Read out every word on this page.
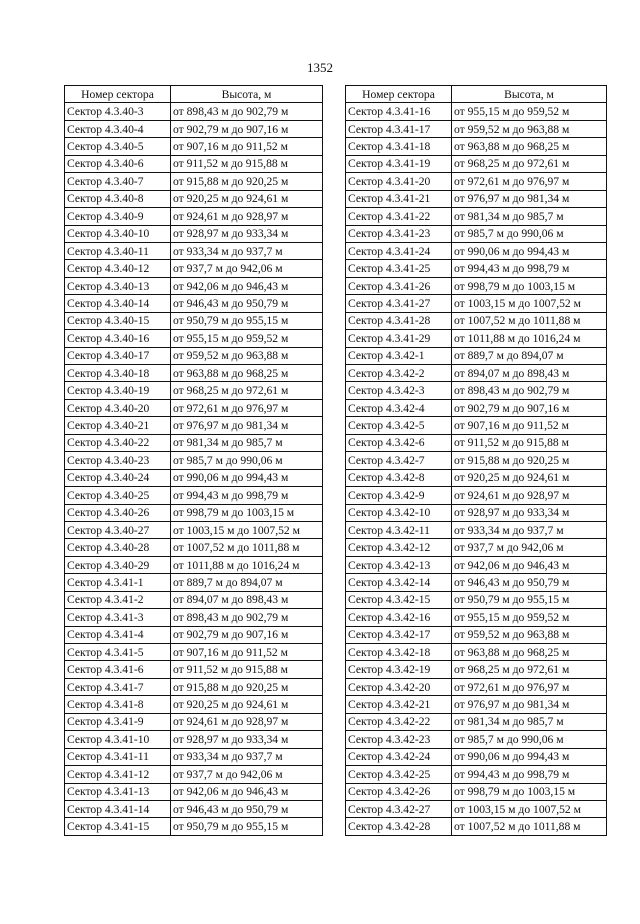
1352
Номер сектора	Высота, м
Сектор 4.3.40-3	от 898,43 м до 902,79 м
Сектор 4.3.40-4	от 902,79 м до 907,16 м
Сектор 4.3.40-5	от 907,16 м до 911,52 м
Сектор 4.3.40-6	от 911,52 м до 915,88 м
Сектор 4.3.40-7	от 915,88 м до 920,25 м
Сектор 4.3.40-8	от 920,25 м до 924,61 м
Сектор 4.3.40-9	от 924,61 м до 928,97 м
Сектор 4.3.40-10	от 928,97 м до 933,34 м
Сектор 4.3.40-11	от 933,34 м до 937,7 м
Сектор 4.3.40-12	от 937,7 м до 942,06 м
Сектор 4.3.40-13	от 942,06 м до 946,43 м
Сектор 4.3.40-14	от 946,43 м до 950,79 м
Сектор 4.3.40-15	от 950,79 м до 955,15 м
Сектор 4.3.40-16	от 955,15 м до 959,52 м
Сектор 4.3.40-17	от 959,52 м до 963,88 м
Сектор 4.3.40-18	от 963,88 м до 968,25 м
Сектор 4.3.40-19	от 968,25 м до 972,61 м
Сектор 4.3.40-20	от 972,61 м до 976,97 м
Сектор 4.3.40-21	от 976,97 м до 981,34 м
Сектор 4.3.40-22	от 981,34 м до 985,7 м
Сектор 4.3.40-23	от 985,7 м до 990,06 м
Сектор 4.3.40-24	от 990,06 м до 994,43 м
Сектор 4.3.40-25	от 994,43 м до 998,79 м
Сектор 4.3.40-26	от 998,79 м до 1003,15 м
Сектор 4.3.40-27	от 1003,15 м до 1007,52 м
Сектор 4.3.40-28	от 1007,52 м до 1011,88 м
Сектор 4.3.40-29	от 1011,88 м до 1016,24 м
Сектор 4.3.41-1	от 889,7 м до 894,07 м
Сектор 4.3.41-2	от 894,07 м до 898,43 м
Сектор 4.3.41-3	от 898,43 м до 902,79 м
Сектор 4.3.41-4	от 902,79 м до 907,16 м
Сектор 4.3.41-5	от 907,16 м до 911,52 м
Сектор 4.3.41-6	от 911,52 м до 915,88 м
Сектор 4.3.41-7	от 915,88 м до 920,25 м
Сектор 4.3.41-8	от 920,25 м до 924,61 м
Сектор 4.3.41-9	от 924,61 м до 928,97 м
Сектор 4.3.41-10	от 928,97 м до 933,34 м
Сектор 4.3.41-11	от 933,34 м до 937,7 м
Сектор 4.3.41-12	от 937,7 м до 942,06 м
Сектор 4.3.41-13	от 942,06 м до 946,43 м
Сектор 4.3.41-14	от 946,43 м до 950,79 м
Сектор 4.3.41-15	от 950,79 м до 955,15 м
Номер сектора	Высота, м
Сектор 4.3.41-16	от 955,15 м до 959,52 м
Сектор 4.3.41-17	от 959,52 м до 963,88 м
Сектор 4.3.41-18	от 963,88 м до 968,25 м
Сектор 4.3.41-19	от 968,25 м до 972,61 м
Сектор 4.3.41-20	от 972,61 м до 976,97 м
Сектор 4.3.41-21	от 976,97 м до 981,34 м
Сектор 4.3.41-22	от 981,34 м до 985,7 м
Сектор 4.3.41-23	от 985,7 м до 990,06 м
Сектор 4.3.41-24	от 990,06 м до 994,43 м
Сектор 4.3.41-25	от 994,43 м до 998,79 м
Сектор 4.3.41-26	от 998,79 м до 1003,15 м
Сектор 4.3.41-27	от 1003,15 м до 1007,52 м
Сектор 4.3.41-28	от 1007,52 м до 1011,88 м
Сектор 4.3.41-29	от 1011,88 м до 1016,24 м
Сектор 4.3.42-1	от 889,7 м до 894,07 м
Сектор 4.3.42-2	от 894,07 м до 898,43 м
Сектор 4.3.42-3	от 898,43 м до 902,79 м
Сектор 4.3.42-4	от 902,79 м до 907,16 м
Сектор 4.3.42-5	от 907,16 м до 911,52 м
Сектор 4.3.42-6	от 911,52 м до 915,88 м
Сектор 4.3.42-7	от 915,88 м до 920,25 м
Сектор 4.3.42-8	от 920,25 м до 924,61 м
Сектор 4.3.42-9	от 924,61 м до 928,97 м
Сектор 4.3.42-10	от 928,97 м до 933,34 м
Сектор 4.3.42-11	от 933,34 м до 937,7 м
Сектор 4.3.42-12	от 937,7 м до 942,06 м
Сектор 4.3.42-13	от 942,06 м до 946,43 м
Сектор 4.3.42-14	от 946,43 м до 950,79 м
Сектор 4.3.42-15	от 950,79 м до 955,15 м
Сектор 4.3.42-16	от 955,15 м до 959,52 м
Сектор 4.3.42-17	от 959,52 м до 963,88 м
Сектор 4.3.42-18	от 963,88 м до 968,25 м
Сектор 4.3.42-19	от 968,25 м до 972,61 м
Сектор 4.3.42-20	от 972,61 м до 976,97 м
Сектор 4.3.42-21	от 976,97 м до 981,34 м
Сектор 4.3.42-22	от 981,34 м до 985,7 м
Сектор 4.3.42-23	от 985,7 м до 990,06 м
Сектор 4.3.42-24	от 990,06 м до 994,43 м
Сектор 4.3.42-25	от 994,43 м до 998,79 м
Сектор 4.3.42-26	от 998,79 м до 1003,15 м
Сектор 4.3.42-27	от 1003,15 м до 1007,52 м
Сектор 4.3.42-28	от 1007,52 м до 1011,88 м
